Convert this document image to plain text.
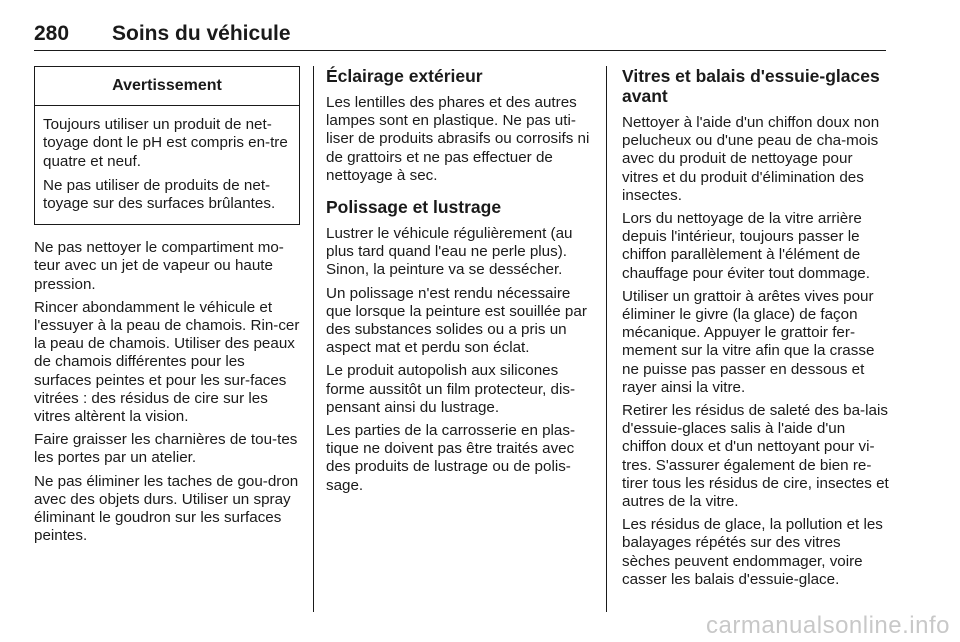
280 Soins du véhicule
Avertissement

Toujours utiliser un produit de net-toyage dont le pH est compris en-tre quatre et neuf.

Ne pas utiliser de produits de net-toyage sur des surfaces brûlantes.

Ne pas nettoyer le compartiment mo-teur avec un jet de vapeur ou haute pression.

Rincer abondamment le véhicule et l'essuyer à la peau de chamois. Rin-cer la peau de chamois. Utiliser des peaux de chamois différentes pour les surfaces peintes et pour les sur-faces vitrées : des résidus de cire sur les vitres altèrent la vision.

Faire graisser les charnières de tou-tes les portes par un atelier.

Ne pas éliminer les taches de gou-dron avec des objets durs. Utiliser un spray éliminant le goudron sur les surfaces peintes.

Éclairage extérieur

Les lentilles des phares et des autres lampes sont en plastique. Ne pas uti-liser de produits abrasifs ou corrosifs ni de grattoirs et ne pas effectuer de nettoyage à sec.

Polissage et lustrage

Lustrer le véhicule régulièrement (au plus tard quand l'eau ne perle plus). Sinon, la peinture va se dessécher.

Un polissage n'est rendu nécessaire que lorsque la peinture est souillée par des substances solides ou a pris un aspect mat et perdu son éclat.

Le produit autopolish aux silicones forme aussitôt un film protecteur, dis-pensant ainsi du lustrage.

Les parties de la carrosserie en plas-tique ne doivent pas être traités avec des produits de lustrage ou de polis-sage.

Vitres et balais d'essuie-glaces avant

Nettoyer à l'aide d'un chiffon doux non pelucheux ou d'une peau de cha-mois avec du produit de nettoyage pour vitres et du produit d'élimination des insectes.

Lors du nettoyage de la vitre arrière depuis l'intérieur, toujours passer le chiffon parallèlement à l'élément de chauffage pour éviter tout dommage.

Utiliser un grattoir à arêtes vives pour éliminer le givre (la glace) de façon mécanique. Appuyer le grattoir fer-mement sur la vitre afin que la crasse ne puisse pas passer en dessous et rayer ainsi la vitre.

Retirer les résidus de saleté des ba-lais d'essuie-glaces salis à l'aide d'un chiffon doux et d'un nettoyant pour vi-tres. S'assurer également de bien re-tirer tous les résidus de cire, insectes et autres de la vitre.

Les résidus de glace, la pollution et les balayages répétés sur des vitres sèches peuvent endommager, voire casser les balais d'essuie-glace.

carmanualsonline.info
